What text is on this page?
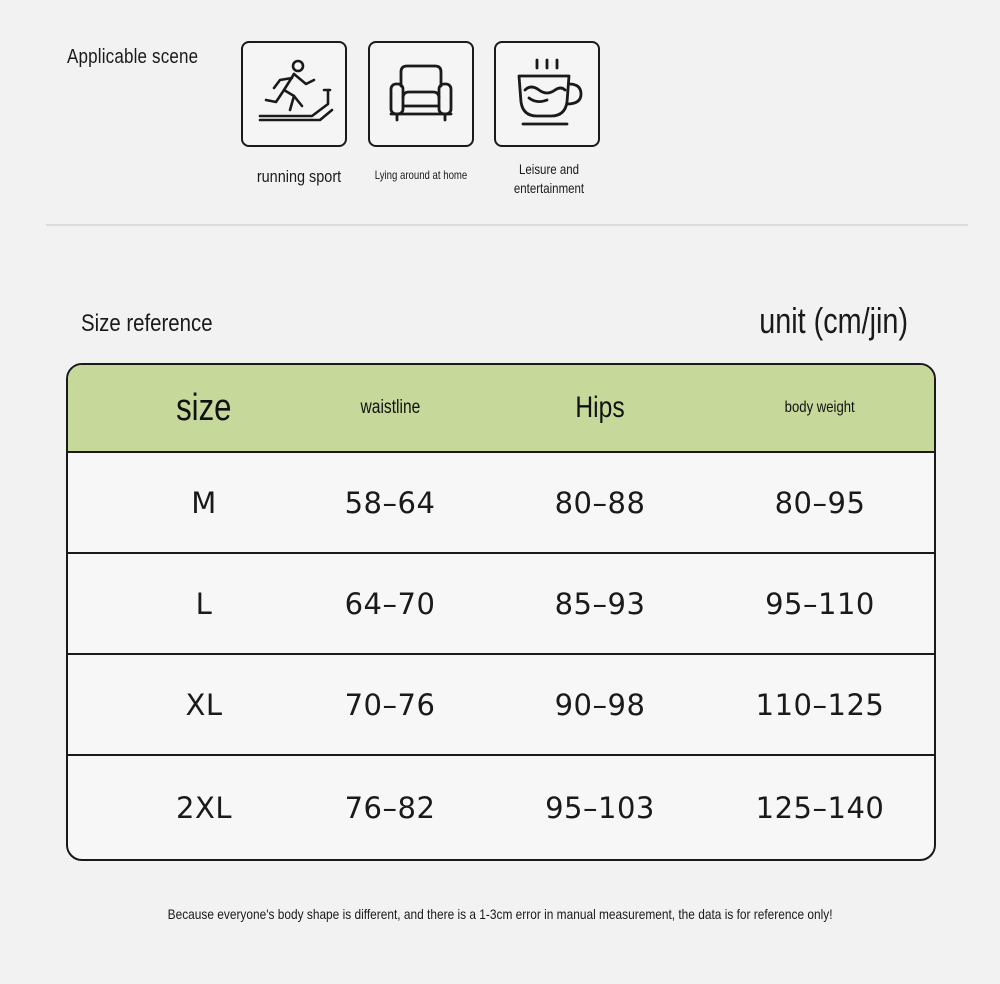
Applicable scene
running sport	Lying around at home	Leisure and
entertainment
Size reference	unit (cm/jin)
size	waistline	Hips	body weight
M	58–64	80–88	80–95
L	64–70	85–93	95–110
XL	70–76	90–98	110–125
2XL	76–82	95–103	125–140
Because everyone's body shape is different, and there is a 1-3cm error in manual measurement, the data is for reference only!
